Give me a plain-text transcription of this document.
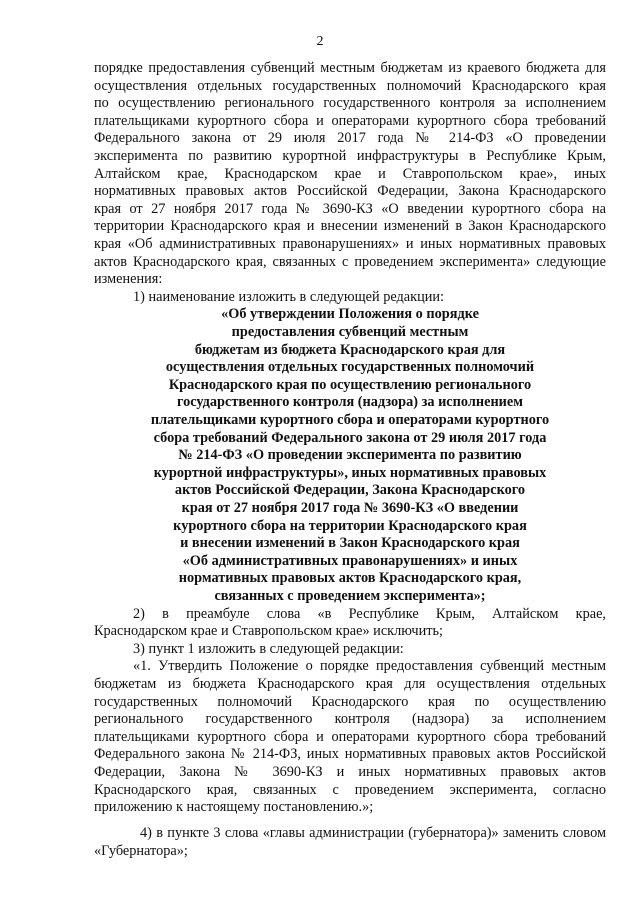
2
порядке предоставления субвенций местным бюджетам из краевого бюджета для
осуществления отдельных государственных полномочий Краснодарского края
по осуществлению регионального государственного контроля за исполнением
плательщиками курортного сбора и операторами курортного сбора требований
Федерального закона от 29 июля 2017 года № 214-ФЗ «О проведении
эксперимента по развитию курортной инфраструктуры в Республике Крым,
Алтайском крае, Краснодарском крае и Ставропольском крае», иных
нормативных правовых актов Российской Федерации, Закона Краснодарского
края от 27 ноября 2017 года № 3690-КЗ «О введении курортного сбора на
территории Краснодарского края и внесении изменений в Закон Краснодарского
края «Об административных правонарушениях» и иных нормативных правовых
актов Краснодарского края, связанных с проведением эксперимента» следующие
изменения:
1) наименование изложить в следующей редакции:
«Об утверждении Положения о порядке
предоставления субвенций местным
бюджетам из бюджета Краснодарского края для
осуществления отдельных государственных полномочий
Краснодарского края по осуществлению регионального
государственного контроля (надзора) за исполнением
плательщиками курортного сбора и операторами курортного
сбора требований Федерального закона от 29 июля 2017 года
№ 214-ФЗ «О проведении эксперимента по развитию
курортной инфраструктуры», иных нормативных правовых
актов Российской Федерации, Закона Краснодарского
края от 27 ноября 2017 года № 3690-КЗ «О введении
курортного сбора на территории Краснодарского края
и внесении изменений в Закон Краснодарского края
«Об административных правонарушениях» и иных
нормативных правовых актов Краснодарского края,
связанных с проведением эксперимента»;
2) в преамбуле слова «в Республике Крым, Алтайском крае,
Краснодарском крае и Ставропольском крае» исключить;
3) пункт 1 изложить в следующей редакции:
«1. Утвердить Положение о порядке предоставления субвенций местным
бюджетам из бюджета Краснодарского края для осуществления отдельных
государственных полномочий Краснодарского края по осуществлению
регионального государственного контроля (надзора) за исполнением
плательщиками курортного сбора и операторами курортного сбора требований
Федерального закона № 214-ФЗ, иных нормативных правовых актов Российской
Федерации, Закона № 3690-КЗ и иных нормативных правовых актов
Краснодарского края, связанных с проведением эксперимента, согласно
приложению к настоящему постановлению.»;
4) в пункте 3 слова «главы администрации (губернатора)» заменить словом
«Губернатора»;
